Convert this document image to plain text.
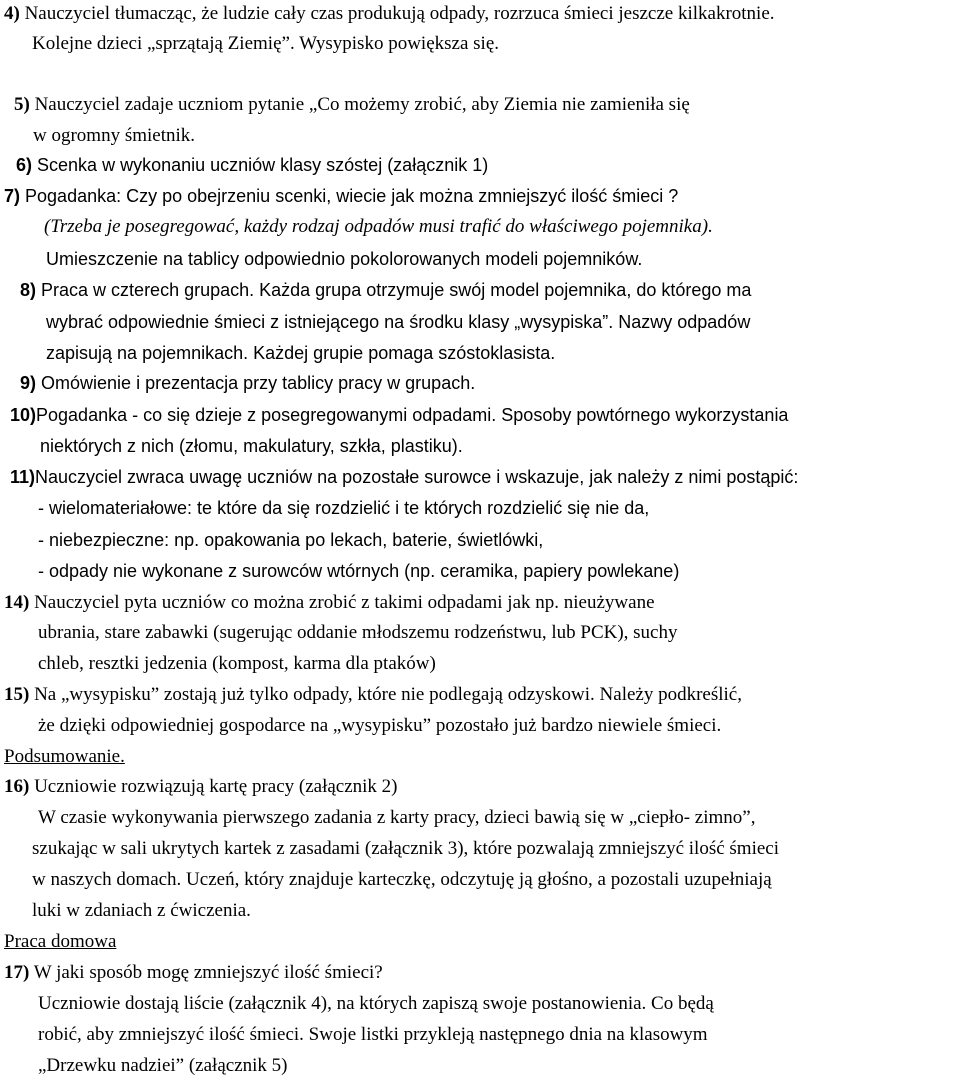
4) Nauczyciel tłumacząc, że ludzie cały czas produkują odpady, rozrzuca śmieci jeszcze kilkakrotnie.
Kolejne dzieci „sprzątają Ziemię”. Wysypisko powiększa się.
5) Nauczyciel zadaje uczniom pytanie „Co możemy zrobić, aby Ziemia nie zamieniła się
w ogromny śmietnik.
6) Scenka w wykonaniu uczniów klasy szóstej (załącznik 1)
7) Pogadanka: Czy po obejrzeniu scenki, wiecie jak można zmniejszyć ilość śmieci ?
(Trzeba je posegregować, każdy rodzaj odpadów musi trafić do właściwego pojemnika).
Umieszczenie na tablicy odpowiednio pokolorowanych modeli pojemników.
8) Praca w czterech grupach. Każda grupa otrzymuje swój model pojemnika, do którego ma
wybrać odpowiednie śmieci z istniejącego na środku klasy „wysypiska”. Nazwy odpadów
zapisują na pojemnikach. Każdej grupie pomaga szóstoklasista.
9) Omówienie i prezentacja przy tablicy pracy w grupach.
10)Pogadanka - co się dzieje z posegregowanymi odpadami. Sposoby powtórnego wykorzystania
niektórych z nich (złomu, makulatury, szkła, plastiku).
11)Nauczyciel zwraca uwagę uczniów na pozostałe surowce i wskazuje, jak należy z nimi postąpić:
- wielomateriałowe: te które da się rozdzielić i te których rozdzielić się nie da,
- niebezpieczne: np. opakowania po lekach, baterie, świetlówki,
- odpady nie wykonane z surowców wtórnych (np. ceramika, papiery powlekane)
14) Nauczyciel pyta uczniów co można zrobić z takimi odpadami jak np. nieużywane
ubrania, stare zabawki (sugerując oddanie młodszemu rodzeństwu, lub PCK), suchy
chleb, resztki jedzenia (kompost, karma dla ptaków)
15) Na „wysypisku” zostają już tylko odpady, które nie podlegają odzyskowi. Należy podkreślić,
że dzięki odpowiedniej gospodarce na „wysypisku” pozostało już bardzo niewiele śmieci.
Podsumowanie.
16) Uczniowie rozwiązują kartę pracy (załącznik 2)
W czasie wykonywania pierwszego zadania z karty pracy, dzieci bawią się w „ciepło- zimno”,
szukając w sali ukrytych kartek z zasadami (załącznik 3), które pozwalają zmniejszyć ilość śmieci
w naszych domach. Uczeń, który znajduje karteczkę, odczytuję ją głośno, a pozostali uzupełniają
luki w zdaniach z ćwiczenia.
Praca domowa
17) W jaki sposób mogę zmniejszyć ilość śmieci?
Uczniowie dostają liście (załącznik 4), na których zapiszą swoje postanowienia. Co będą
robić, aby zmniejszyć ilość śmieci. Swoje listki przykleją następnego dnia na klasowym
„Drzewku nadziei” (załącznik 5)
